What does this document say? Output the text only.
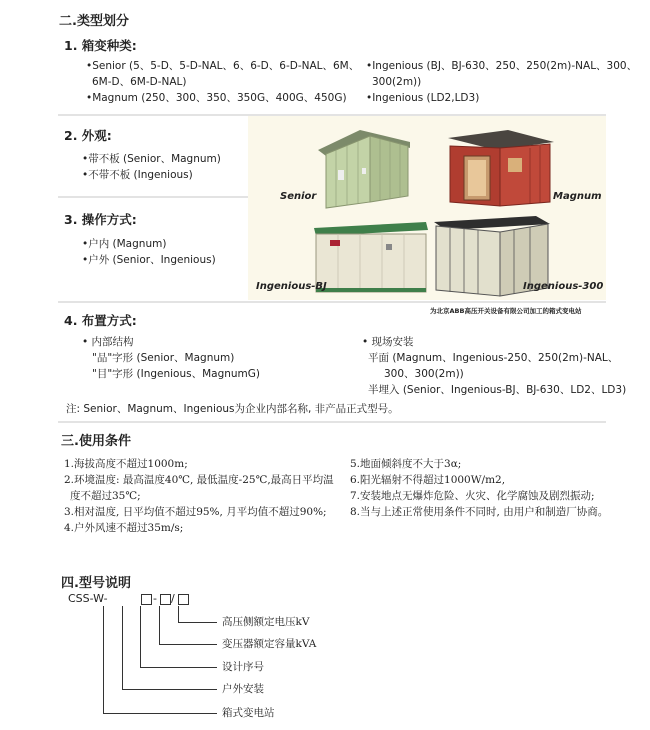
二.类型划分
1. 箱变种类:
•Senior (5、5-D、5-D-NAL、6、6-D、6-D-NAL、6M、
6M-D、6M-D-NAL)
•Magnum (250、300、350、350G、400G、450G)
•Ingenious (BJ、BJ-630、250、250(2m)-NAL、300、
300(2m))
•Ingenious (LD2,LD3)
Senior	Magnum
Ingenious-BJ	Ingenious-300
为北京ABB高压开关设备有限公司加工的箱式变电站
2. 外观:
•带不板 (Senior、Magnum)
•不带不板 (Ingenious)
3. 操作方式:
•户内 (Magnum)
•户外 (Senior、Ingenious)
4. 布置方式:
• 内部结构
"品"字形 (Senior、Magnum)
"目"字形 (Ingenious、MagnumG)
• 现场安装
平面 (Magnum、Ingenious-250、250(2m)-NAL、
300、300(2m))
半埋入 (Senior、Ingenious-BJ、BJ-630、LD2、LD3)
注: Senior、Magnum、Ingenious为企业内部名称, 非产品正式型号。
三.使用条件
1.海拔高度不超过1000m;
2.环境温度: 最高温度40℃, 最低温度-25℃,最高日平均温
度不超过35℃;
3.相对温度, 日平均值不超过95%, 月平均值不超过90%;
4.户外风速不超过35m/s;
5.地面倾斜度不大于3α;
6.阳光辐射不得超过1000W/m2,
7.安装地点无爆炸危险、火灾、化学腐蚀及剧烈振动;
8.当与上述正常使用条件不同时, 由用户和制造厂协商。
四.型号说明
CSS-W-	- /
高压侧额定电压kV
变压器额定容量kVA
设计序号
户外安装
箱式变电站
